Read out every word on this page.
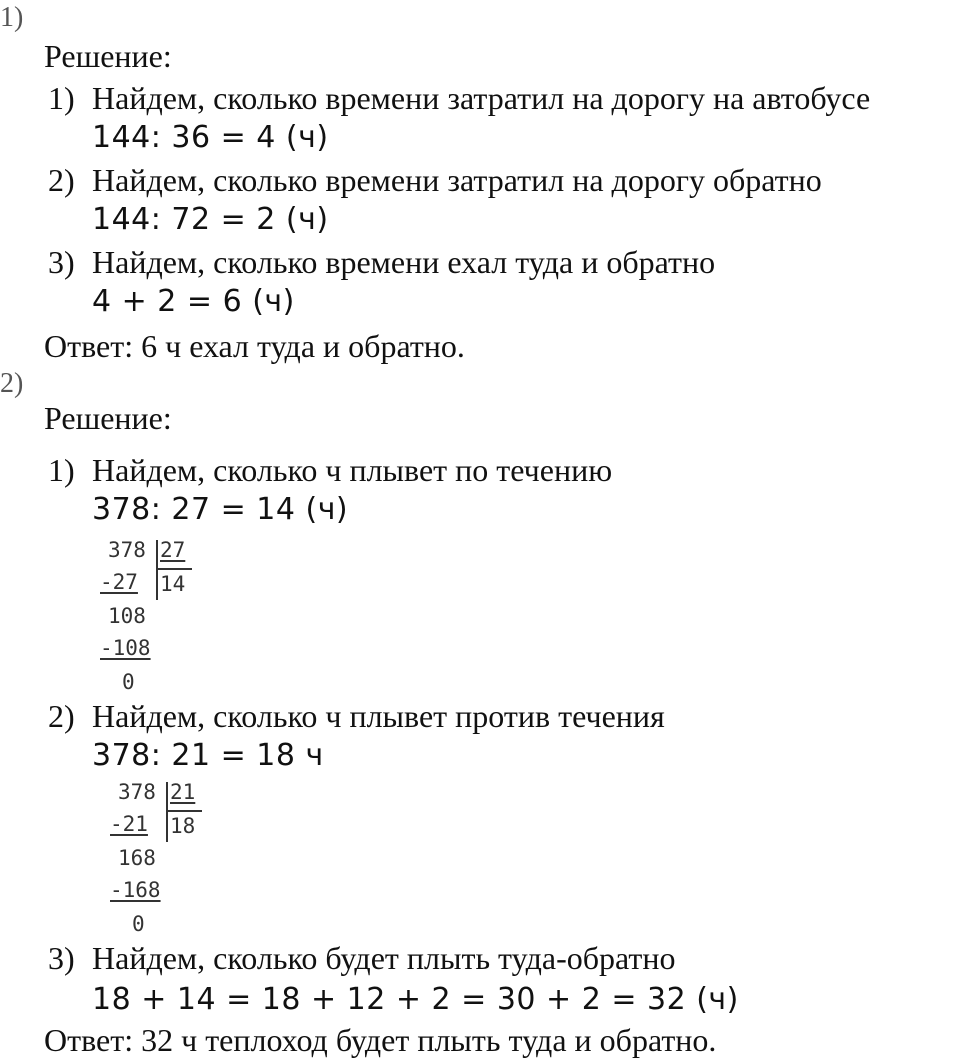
1)
Решение:
1) Найдем, сколько времени затратил на дорогу на автобусе
144: 36 = 4 (ч)
2) Найдем, сколько времени затратил на дорогу обратно
144: 72 = 2 (ч)
3) Найдем, сколько времени ехал туда и обратно
4 + 2 = 6 (ч)
Ответ: 6 ч ехал туда и обратно.
2)
Решение:
1) Найдем, сколько ч плывет по течению
378: 27 = 14 (ч)
378 27
-27 14
108
-108
0
2) Найдем, сколько ч плывет против течения
378: 21 = 18 ч
378 21
-21 18
168
-168
0
3) Найдем, сколько будет плыть туда-обратно
18 + 14 = 18 + 12 + 2 = 30 + 2 = 32 (ч)
Ответ: 32 ч теплоход будет плыть туда и обратно.
